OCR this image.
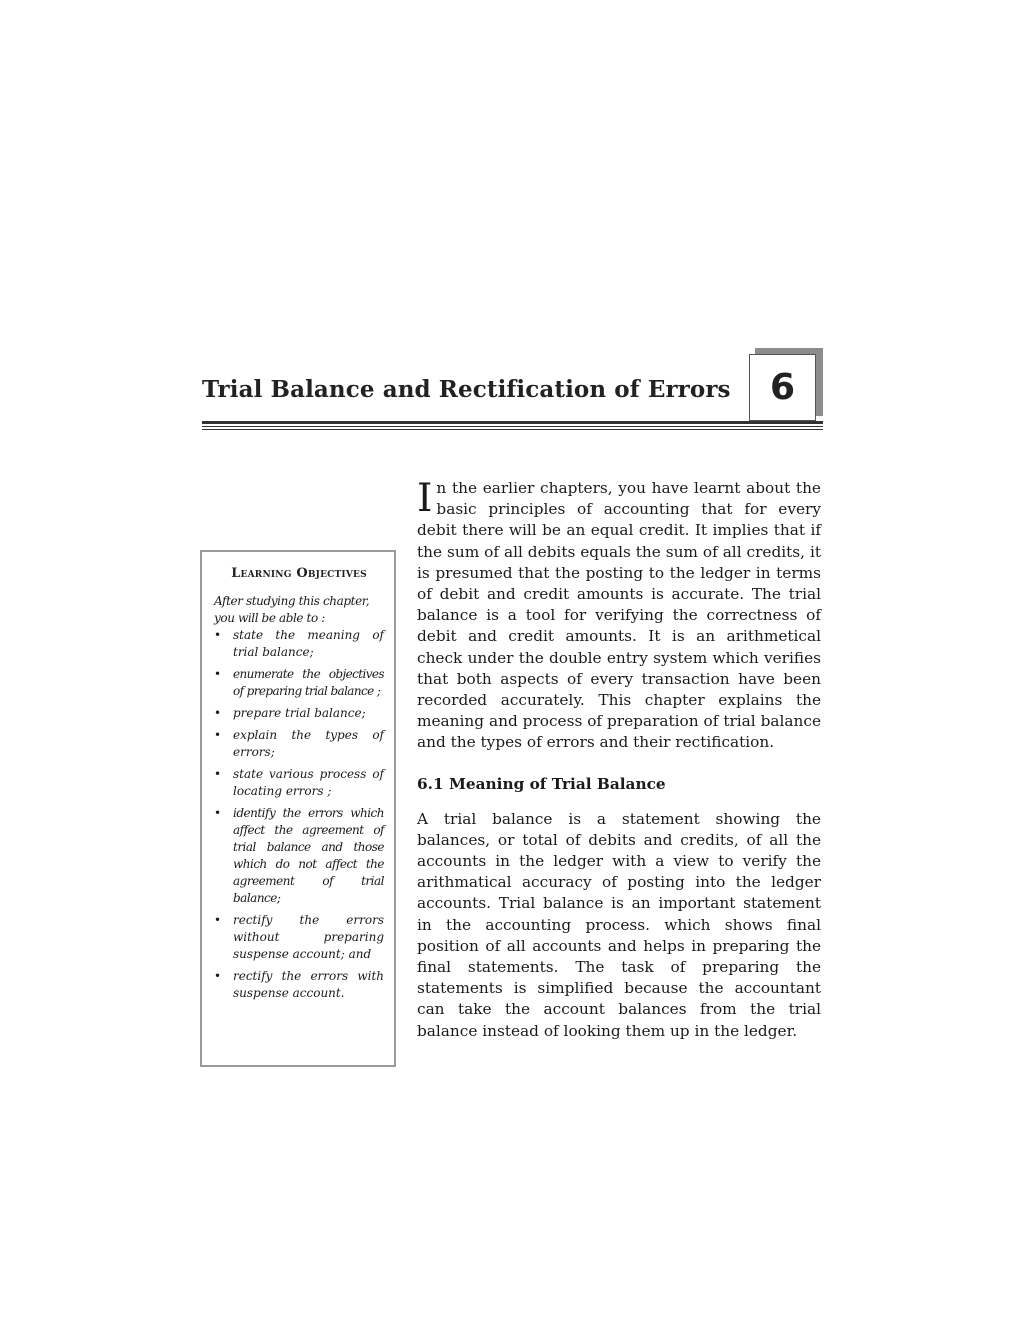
Trial Balance and Rectification of Errors 6
Learning Objectives
After studying this chapter, you will be able to :
• state the meaning of trial balance;
• enumerate the objectives of preparing trial balance ;
• prepare trial balance;
• explain the types of errors;
• state various process of locating errors ;
• identify the errors which affect the agreement of trial balance and those which do not affect the agreement of trial balance;
• rectify the errors without preparing suspense account; and
• rectify the errors with suspense account.

In the earlier chapters, you have learnt about the basic principles of accounting that for every debit there will be an equal credit. It implies that if the sum of all debits equals the sum of all credits, it is presumed that the posting to the ledger in terms of debit and credit amounts is accurate. The trial balance is a tool for verifying the correctness of debit and credit amounts. It is an arithmetical check under the double entry system which verifies that both aspects of every transaction have been recorded accurately. This chapter explains the meaning and process of preparation of trial balance and the types of errors and their rectification.

6.1 Meaning of Trial Balance

A trial balance is a statement showing the balances, or total of debits and credits, of all the accounts in the ledger with a view to verify the arithmatical accuracy of posting into the ledger accounts. Trial balance is an important statement in the accounting process. which shows final position of all accounts and helps in preparing the final statements. The task of preparing the statements is simplified because the accountant can take the account balances from the trial balance instead of looking them up in the ledger.
